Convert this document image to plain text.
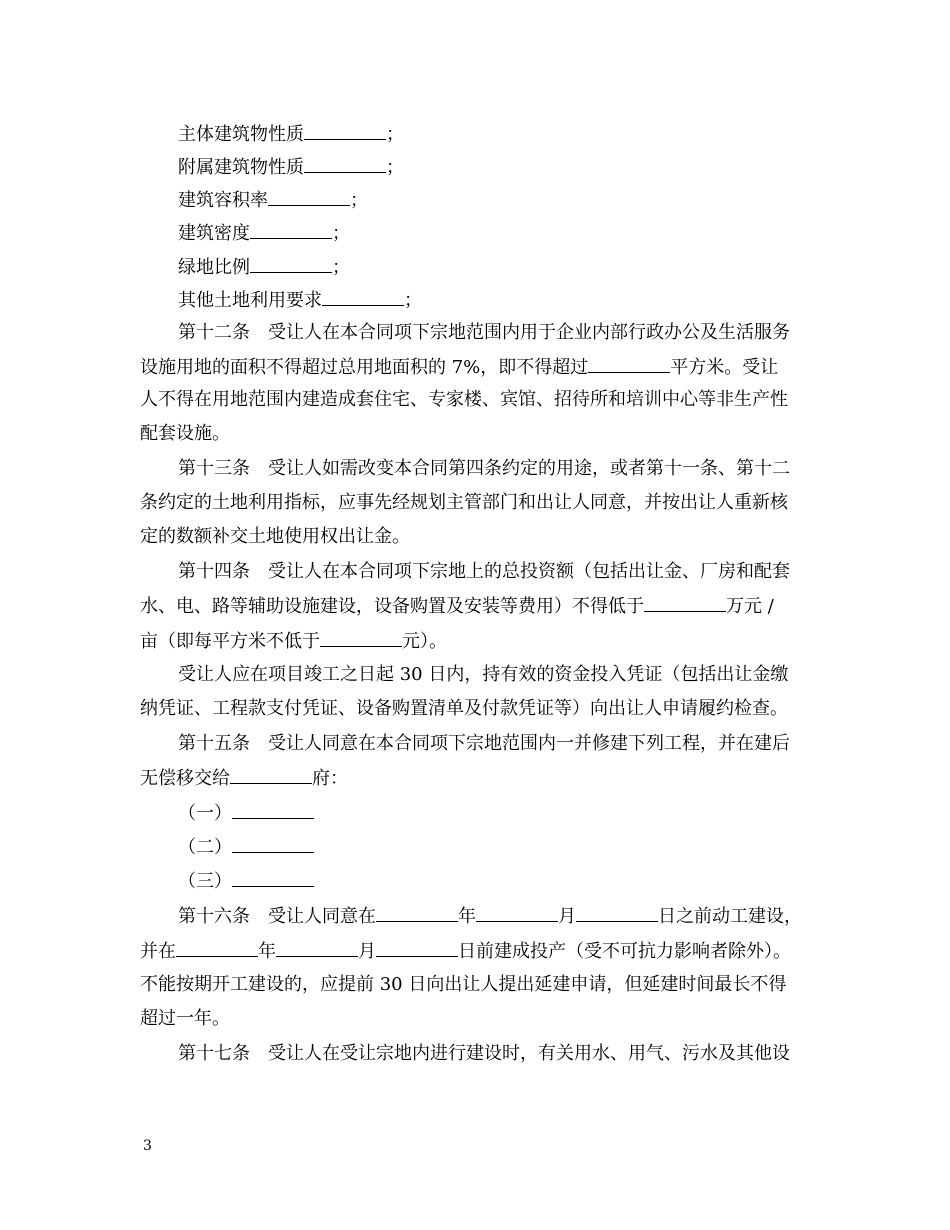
主体建筑物性质	；
附属建筑物性质	；
建筑容积率	；
建筑密度	；
绿地比例	；
其他土地利用要求	；
第十二条　受让人在本合同项下宗地范围内用于企业内部行政办公及生活服务
设施用地的面积不得超过总用地面积的 7%，即不得超过	平方米。受让
人不得在用地范围内建造成套住宅、专家楼、宾馆、招待所和培训中心等非生产性
配套设施。
第十三条　受让人如需改变本合同第四条约定的用途，或者第十一条、第十二
条约定的土地利用指标，应事先经规划主管部门和出让人同意，并按出让人重新核
定的数额补交土地使用权出让金。
第十四条　受让人在本合同项下宗地上的总投资额（包括出让金、厂房和配套
水、电、路等辅助设施建设，设备购置及安装等费用）不得低于	万元 /
亩（即每平方米不低于	元）。
受让人应在项目竣工之日起 30 日内，持有效的资金投入凭证（包括出让金缴
纳凭证、工程款支付凭证、设备购置清单及付款凭证等）向出让人申请履约检查。
第十五条　受让人同意在本合同项下宗地范围内一并修建下列工程，并在建后
无偿移交给	府：
（一）
（二）
（三）
第十六条　受让人同意在	年	月	日之前动工建设，
并在	年	月	日前建成投产（受不可抗力影响者除外）。
不能按期开工建设的，应提前 30 日向出让人提出延建申请，但延建时间最长不得
超过一年。
第十七条　受让人在受让宗地内进行建设时，有关用水、用气、污水及其他设
3
